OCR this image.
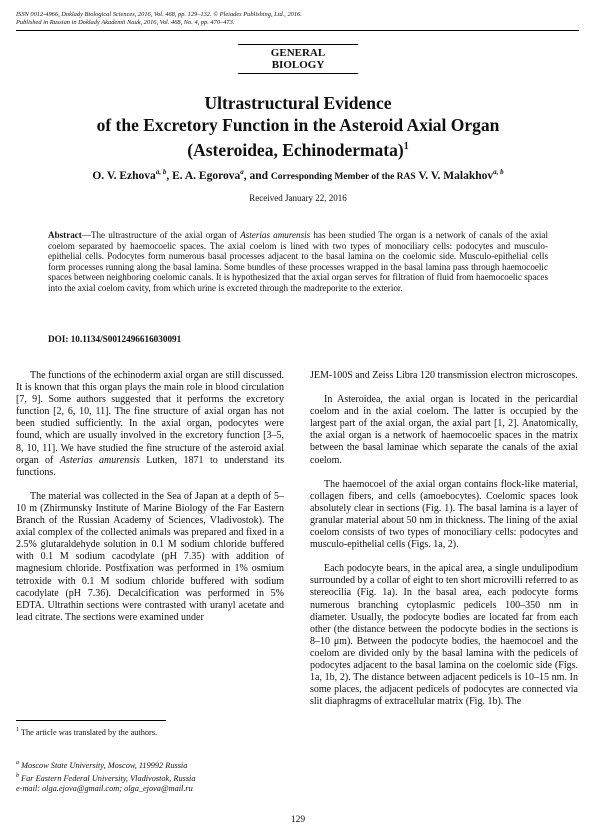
ISSN 0012-4966, Doklady Biological Sciences, 2016, Vol. 468, pp. 129–132. © Pleiades Publishing, Ltd., 2016.
Published in Russian in Doklady Akademii Nauk, 2016, Vol. 468, No. 4, pp. 470–473.
GENERAL
BIOLOGY
Ultrastructural Evidence
of the Excretory Function in the Asteroid Axial Organ
(Asteroidea, Echinodermata)$^1$
O. V. Ezhova$^{a, b}$, E. A. Egorova$^a$, and Corresponding Member of the RAS V. V. Malakhov$^{a, b}$
Received January 22, 2016
Abstract—The ultrastructure of the axial organ of Asterias amurensis has been studied The organ is a network of canals of the axial coelom separated by haemocoelic spaces. The axial coelom is lined with two types of monociliary cells: podocytes and musculo-epithelial cells. Podocytes form numerous basal processes adjacent to the basal lamina on the coelomic side. Musculo-epithelial cells form processes running along the basal lamina. Some bundles of these processes wrapped in the basal lamina pass through haemocoelic spaces between neighboring coelomic canals. It is hypothesized that the axial organ serves for filtration of fluid from haemocoelic spaces into the axial coelom cavity, from which urine is excreted through the madreporite to the exterior.
DOI: 10.1134/S0012496616030091

The functions of the echinoderm axial organ are still discussed. It is known that this organ plays the main role in blood circulation [7, 9]. Some authors suggested that it performs the excretory function [2, 6, 10, 11]. The fine structure of axial organ has not been studied sufficiently. In the axial organ, podocytes were found, which are usually involved in the excretory function [3–5, 8, 10, 11]. We have studied the fine structure of the asteroid axial organ of Asterias amurensis Lutken, 1871 to understand its functions.

The material was collected in the Sea of Japan at a depth of 5–10 m (Zhirmunsky Institute of Marine Biology of the Far Eastern Branch of the Russian Academy of Sciences, Vladivostok). The axial complex of the collected animals was prepared and fixed in a 2.5% glutaraldehyde solution in 0.1 M sodium chloride buffered with 0.1 M sodium cacodylate (pH 7.35) with addition of magnesium chloride. Postfixation was performed in 1% osmium tetroxide with 0.1 M sodium chloride buffered with sodium cacodylate (pH 7.36). Decalcification was performed in 5% EDTA. Ultrathin sections were contrasted with uranyl acetate and lead citrate. The sections were examined under

JEM-100S and Zeiss Libra 120 transmission electron microscopes.

In Asteroidea, the axial organ is located in the pericardial coelom and in the axial coelom. The latter is occupied by the largest part of the axial organ, the axial part [1, 2]. Anatomically, the axial organ is a network of haemocoelic spaces in the matrix between the basal laminae which separate the canals of the axial coelom.

The haemocoel of the axial organ contains flock-like material, collagen fibers, and cells (amoebocytes). Coelomic spaces look absolutely clear in sections (Fig. 1). The basal lamina is a layer of granular material about 50 nm in thickness. The lining of the axial coelom consists of two types of monociliary cells: podocytes and musculo-epithelial cells (Figs. 1a, 2).

Each podocyte bears, in the apical area, a single undulipodium surrounded by a collar of eight to ten short microvilli referred to as stereocilia (Fig. 1a). In the basal area, each podocyte forms numerous branching cytoplasmic pedicels 100–350 nm in diameter. Usually, the podocyte bodies are located far from each other (the distance between the podocyte bodies in the sections is 8–10 μm). Between the podocyte bodies, the haemocoel and the coelom are divided only by the basal lamina with the pedicels of podocytes adjacent to the basal lamina on the coelomic side (Figs. 1a, 1b, 2). The distance between adjacent pedicels is 10–15 nm. In some places, the adjacent pedicels of podocytes are connected via slit diaphragms of extracellular matrix (Fig. 1b). The

$^1$ The article was translated by the authors.
$^a$ Moscow State University, Moscow, 119992 Russia
$^b$ Far Eastern Federal University, Vladivostok, Russia
e-mail: olga.ejova@gmail.com; olga_ejova@mail.ru
129
